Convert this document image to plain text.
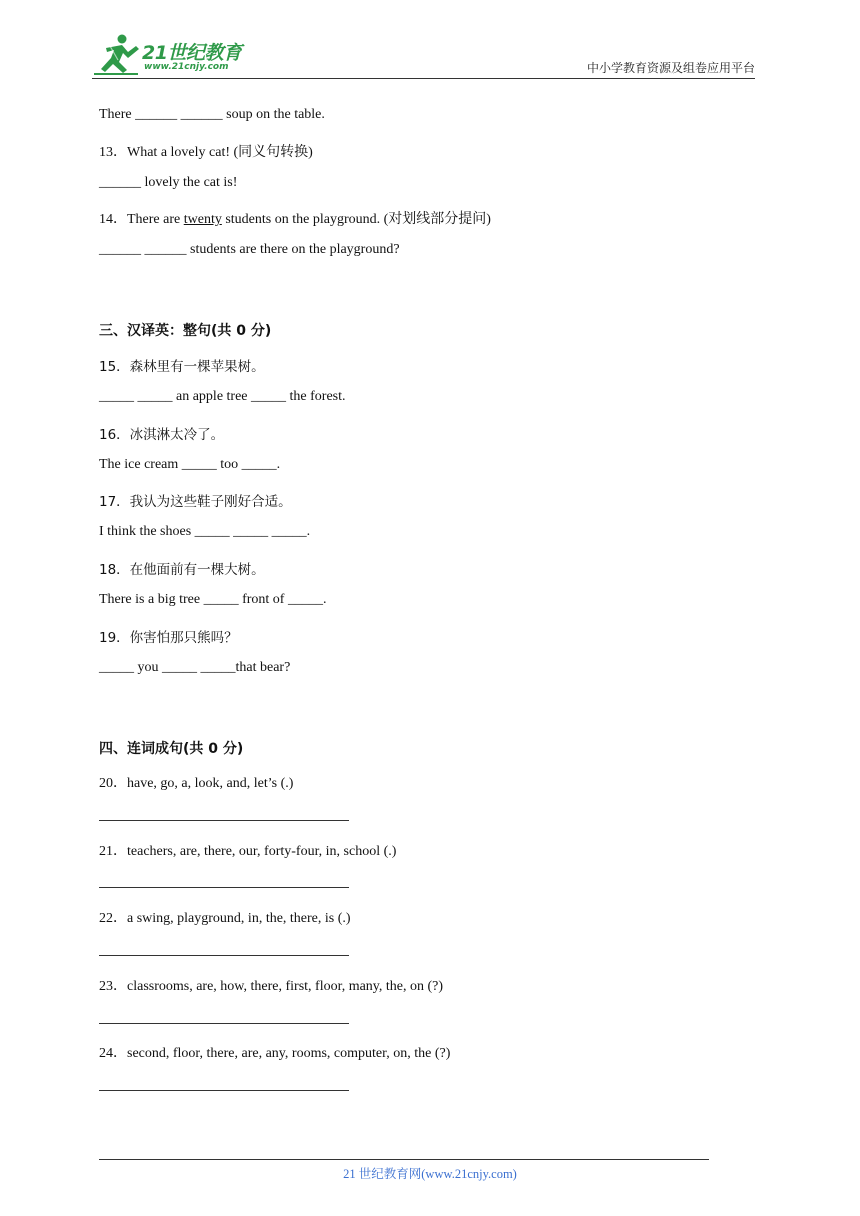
21世纪教育
www.21cnjy.com	中小学教育资源及组卷应用平台
There ______ ______ soup on the table.
13．What a lovely cat! (同义句转换)
______ lovely the cat is!
14．There are twenty students on the playground. (对划线部分提问)
______ ______ students are there on the playground?
三、汉译英：整句(共 0 分)
15．森林里有一棵苹果树。
_____ _____ an apple tree _____ the forest.
16．冰淇淋太冷了。
The ice cream _____ too _____.
17．我认为这些鞋子刚好合适。
I think the shoes _____ _____ _____.
18．在他面前有一棵大树。
There is a big tree _____ front of _____.
19．你害怕那只熊吗？
_____ you _____ _____that bear?
四、连词成句(共 0 分)
20．have, go, a, look, and, let’s (.)
21．teachers, are, there, our, forty-four, in, school (.)
22．a swing, playground, in, the, there, is (.)
23．classrooms, are, how, there, first, floor, many, the, on (?)
24．second, floor, there, are, any, rooms, computer, on, the (?)
21 世纪教育网(www.21cnjy.com)
